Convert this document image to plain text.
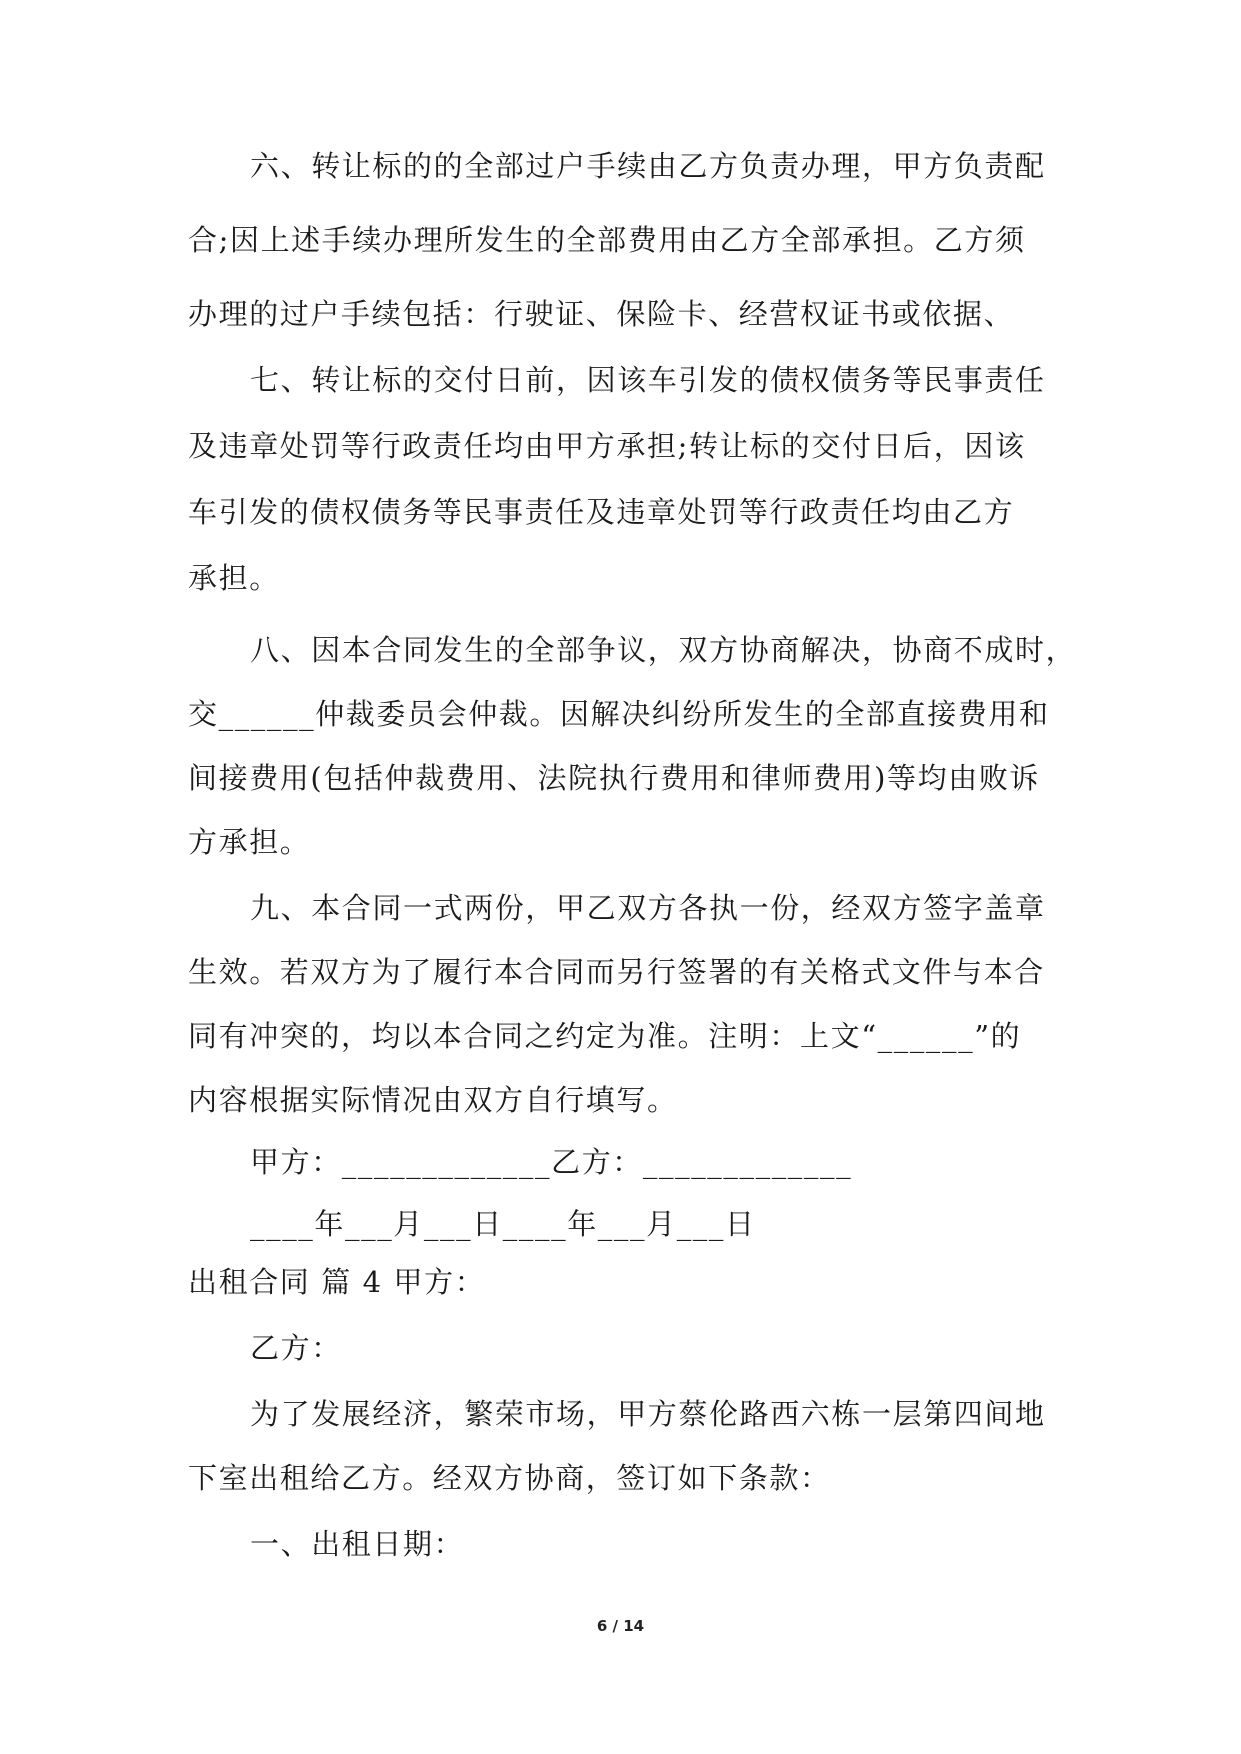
六、转让标的的全部过户手续由乙方负责办理，甲方负责配
合;因上述手续办理所发生的全部费用由乙方全部承担。乙方须
办理的过户手续包括：行驶证、保险卡、经营权证书或依据、
七、转让标的交付日前，因该车引发的债权债务等民事责任
及违章处罚等行政责任均由甲方承担;转让标的交付日后，因该
车引发的债权债务等民事责任及违章处罚等行政责任均由乙方
承担。
八、因本合同发生的全部争议，双方协商解决，协商不成时，
交______仲裁委员会仲裁。因解决纠纷所发生的全部直接费用和
间接费用(包括仲裁费用、法院执行费用和律师费用)等均由败诉
方承担。
九、本合同一式两份，甲乙双方各执一份，经双方签字盖章
生效。若双方为了履行本合同而另行签署的有关格式文件与本合
同有冲突的，均以本合同之约定为准。注明：上文“______”的
内容根据实际情况由双方自行填写。
甲方：_____________乙方：_____________
____年___月___日____年___月___日
出租合同 篇 4 甲方：
乙方：
为了发展经济，繁荣市场，甲方蔡伦路西六栋一层第四间地
下室出租给乙方。经双方协商，签订如下条款：
一、出租日期：
6 / 14
